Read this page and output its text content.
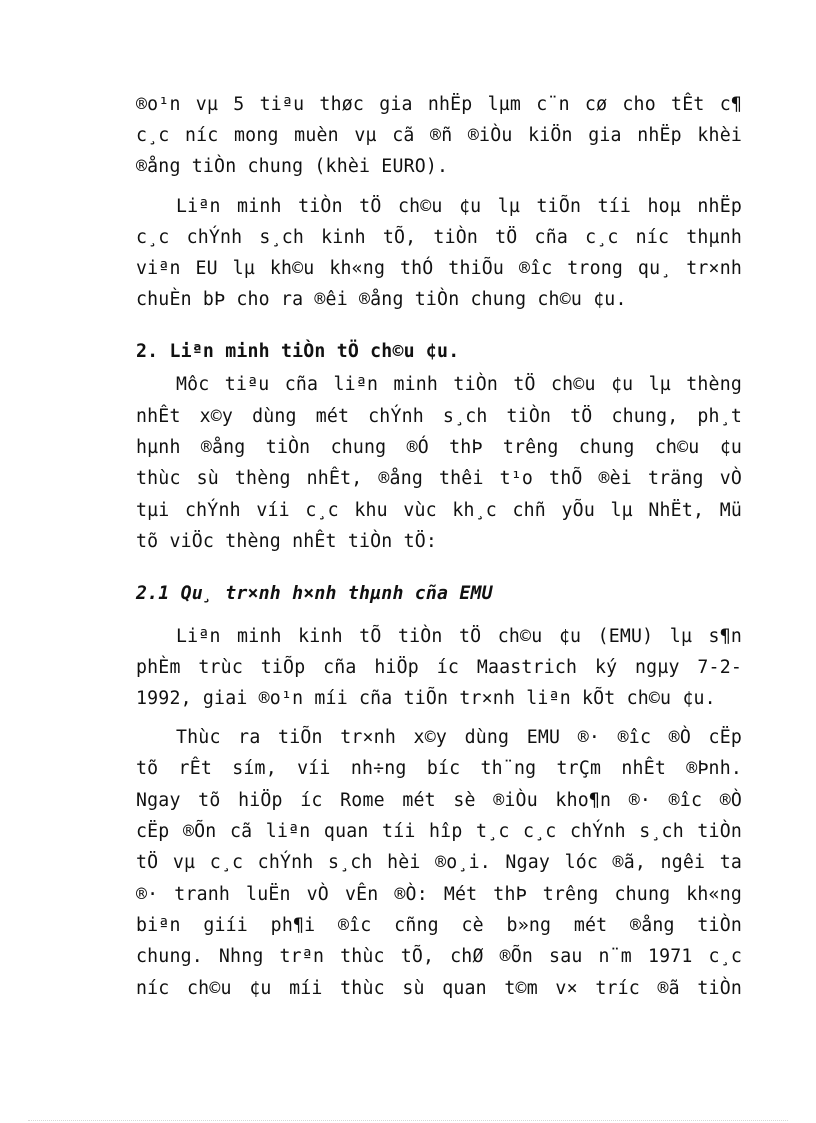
®o¹n vµ 5 tiªu thøc gia nhËp lµm c¨n cø cho tÊt c¶
c¸c níc mong muèn vµ cã ®ñ ®iÒu kiÖn gia nhËp khèi
®ång tiÒn chung (khèi EURO).
Liªn minh tiÒn tÖ ch©u ¢u lµ tiÕn tíi hoµ nhËp
c¸c chÝnh s¸ch kinh tÕ, tiÒn tÖ cña c¸c níc thµnh
viªn EU lµ kh©u kh«ng thÓ thiÕu ®îc trong qu¸ tr×nh
chuÈn bÞ cho ra ®êi ®ång tiÒn chung ch©u ¢u.
2. Liªn minh tiÒn tÖ ch©u ¢u.
Môc tiªu cña liªn minh tiÒn tÖ ch©u ¢u lµ thèng
nhÊt x©y dùng mét chÝnh s¸ch tiÒn tÖ chung, ph¸t
hµnh ®ång tiÒn chung ®Ó thÞ trêng chung ch©u ¢u
thùc sù thèng nhÊt, ®ång thêi t¹o thÕ ®èi träng vÒ
tµi chÝnh víi c¸c khu vùc kh¸c chñ yÕu lµ NhËt, Mü
tõ viÖc thèng nhÊt tiÒn tÖ:
2.1 Qu¸ tr×nh h×nh thµnh cña EMU
Liªn minh kinh tÕ tiÒn tÖ ch©u ¢u (EMU) lµ s¶n
phÈm trùc tiÕp cña hiÖp íc Maastrich ký ngµy 7-2-
1992, giai ®o¹n míi cña tiÕn tr×nh liªn kÕt ch©u ¢u.
Thùc ra tiÕn tr×nh x©y dùng EMU ®· ®îc ®Ò cËp
tõ rÊt sím, víi nh÷ng bíc th¨ng trÇm nhÊt ®Þnh.
Ngay tõ hiÖp íc Rome mét sè ®iÒu kho¶n ®· ®îc ®Ò
cËp ®Õn cã liªn quan tíi hîp t¸c c¸c chÝnh s¸ch tiÒn
tÖ vµ c¸c chÝnh s¸ch hèi ®o¸i. Ngay lóc ®ã, ngêi ta
®· tranh luËn vÒ vÊn ®Ò: Mét thÞ trêng chung kh«ng
biªn giíi ph¶i ®îc cñng cè b»ng mét ®ång tiÒn
chung. Nhng trªn thùc tÕ, chØ ®Õn sau n¨m 1971 c¸c
níc ch©u ¢u míi thùc sù quan t©m v× tríc ®ã tiÒn
